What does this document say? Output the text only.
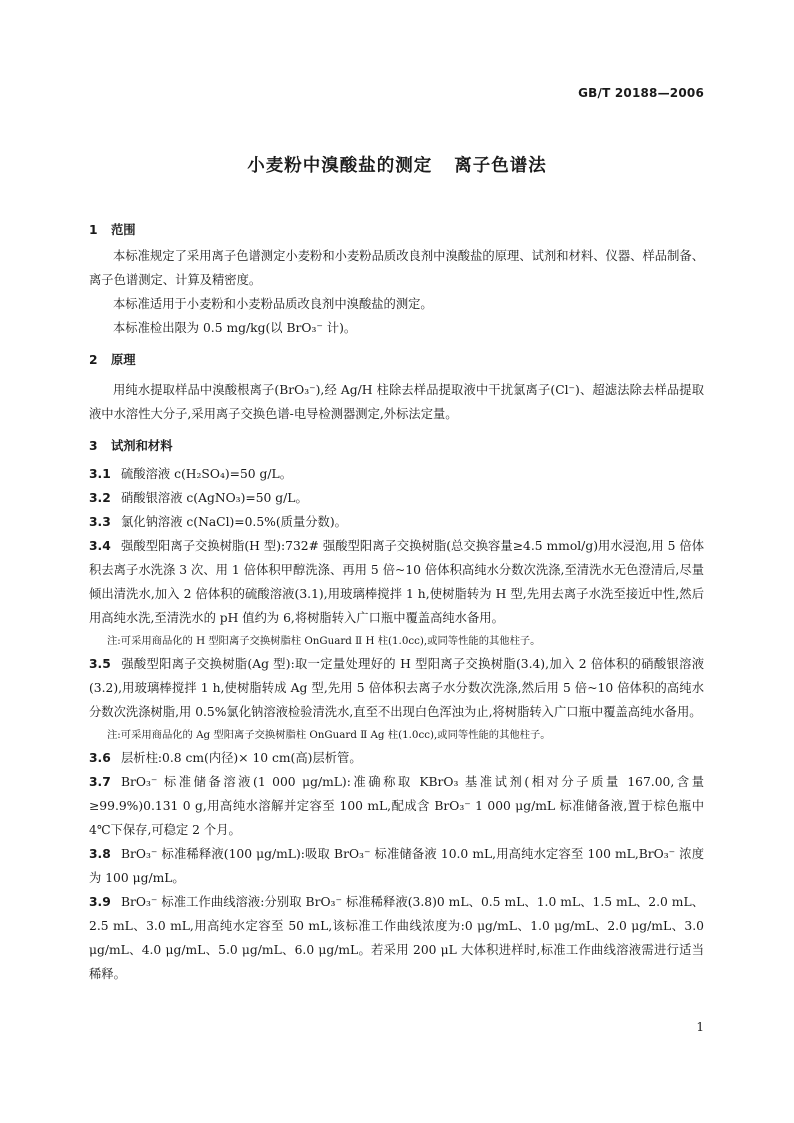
GB/T 20188—2006
小麦粉中溴酸盐的测定 离子色谱法
1 范围

本标准规定了采用离子色谱测定小麦粉和小麦粉品质改良剂中溴酸盐的原理、试剂和材料、仪器、样品制备、离子色谱测定、计算及精密度。

本标准适用于小麦粉和小麦粉品质改良剂中溴酸盐的测定。

本标准检出限为 0.5 mg/kg(以 BrO₃⁻ 计)。

2 原理

用纯水提取样品中溴酸根离子(BrO₃⁻),经 Ag/H 柱除去样品提取液中干扰氯离子(Cl⁻)、超滤法除去样品提取液中水溶性大分子,采用离子交换色谱-电导检测器测定,外标法定量。

3 试剂和材料

3.1 硫酸溶液 c(H₂SO₄)=50 g/L。

3.2 硝酸银溶液 c(AgNO₃)=50 g/L。

3.3 氯化钠溶液 c(NaCl)=0.5%(质量分数)。

3.4 强酸型阳离子交换树脂(H 型):732# 强酸型阳离子交换树脂(总交换容量≥4.5 mmol/g)用水浸泡,用 5 倍体积去离子水洗涤 3 次、用 1 倍体积甲醇洗涤、再用 5 倍~10 倍体积高纯水分数次洗涤,至清洗水无色澄清后,尽量倾出清洗水,加入 2 倍体积的硫酸溶液(3.1),用玻璃棒搅拌 1 h,使树脂转为 H 型,先用去离子水洗至接近中性,然后用高纯水洗,至清洗水的 pH 值约为 6,将树脂转入广口瓶中覆盖高纯水备用。

注:可采用商品化的 H 型阳离子交换树脂柱 OnGuard Ⅱ H 柱(1.0cc),或同等性能的其他柱子。

3.5 强酸型阳离子交换树脂(Ag 型):取一定量处理好的 H 型阳离子交换树脂(3.4),加入 2 倍体积的硝酸银溶液(3.2),用玻璃棒搅拌 1 h,使树脂转成 Ag 型,先用 5 倍体积去离子水分数次洗涤,然后用 5 倍~10 倍体积的高纯水分数次洗涤树脂,用 0.5%氯化钠溶液检验清洗水,直至不出现白色浑浊为止,将树脂转入广口瓶中覆盖高纯水备用。

注:可采用商品化的 Ag 型阳离子交换树脂柱 OnGuard Ⅱ Ag 柱(1.0cc),或同等性能的其他柱子。

3.6 层析柱:0.8 cm(内径)× 10 cm(高)层析管。

3.7 BrO₃⁻ 标准储备溶液(1 000 μg/mL):准确称取 KBrO₃ 基准试剂(相对分子质量 167.00,含量≥99.9%)0.131 0 g,用高纯水溶解并定容至 100 mL,配成含 BrO₃⁻ 1 000 μg/mL 标准储备液,置于棕色瓶中 4℃下保存,可稳定 2 个月。

3.8 BrO₃⁻ 标准稀释液(100 μg/mL):吸取 BrO₃⁻ 标准储备液 10.0 mL,用高纯水定容至 100 mL,BrO₃⁻ 浓度为 100 μg/mL。

3.9 BrO₃⁻ 标准工作曲线溶液:分别取 BrO₃⁻ 标准稀释液(3.8)0 mL、0.5 mL、1.0 mL、1.5 mL、2.0 mL、2.5 mL、3.0 mL,用高纯水定容至 50 mL,该标准工作曲线浓度为:0 μg/mL、1.0 μg/mL、2.0 μg/mL、3.0 μg/mL、4.0 μg/mL、5.0 μg/mL、6.0 μg/mL。若采用 200 μL 大体积进样时,标准工作曲线溶液需进行适当稀释。

1
